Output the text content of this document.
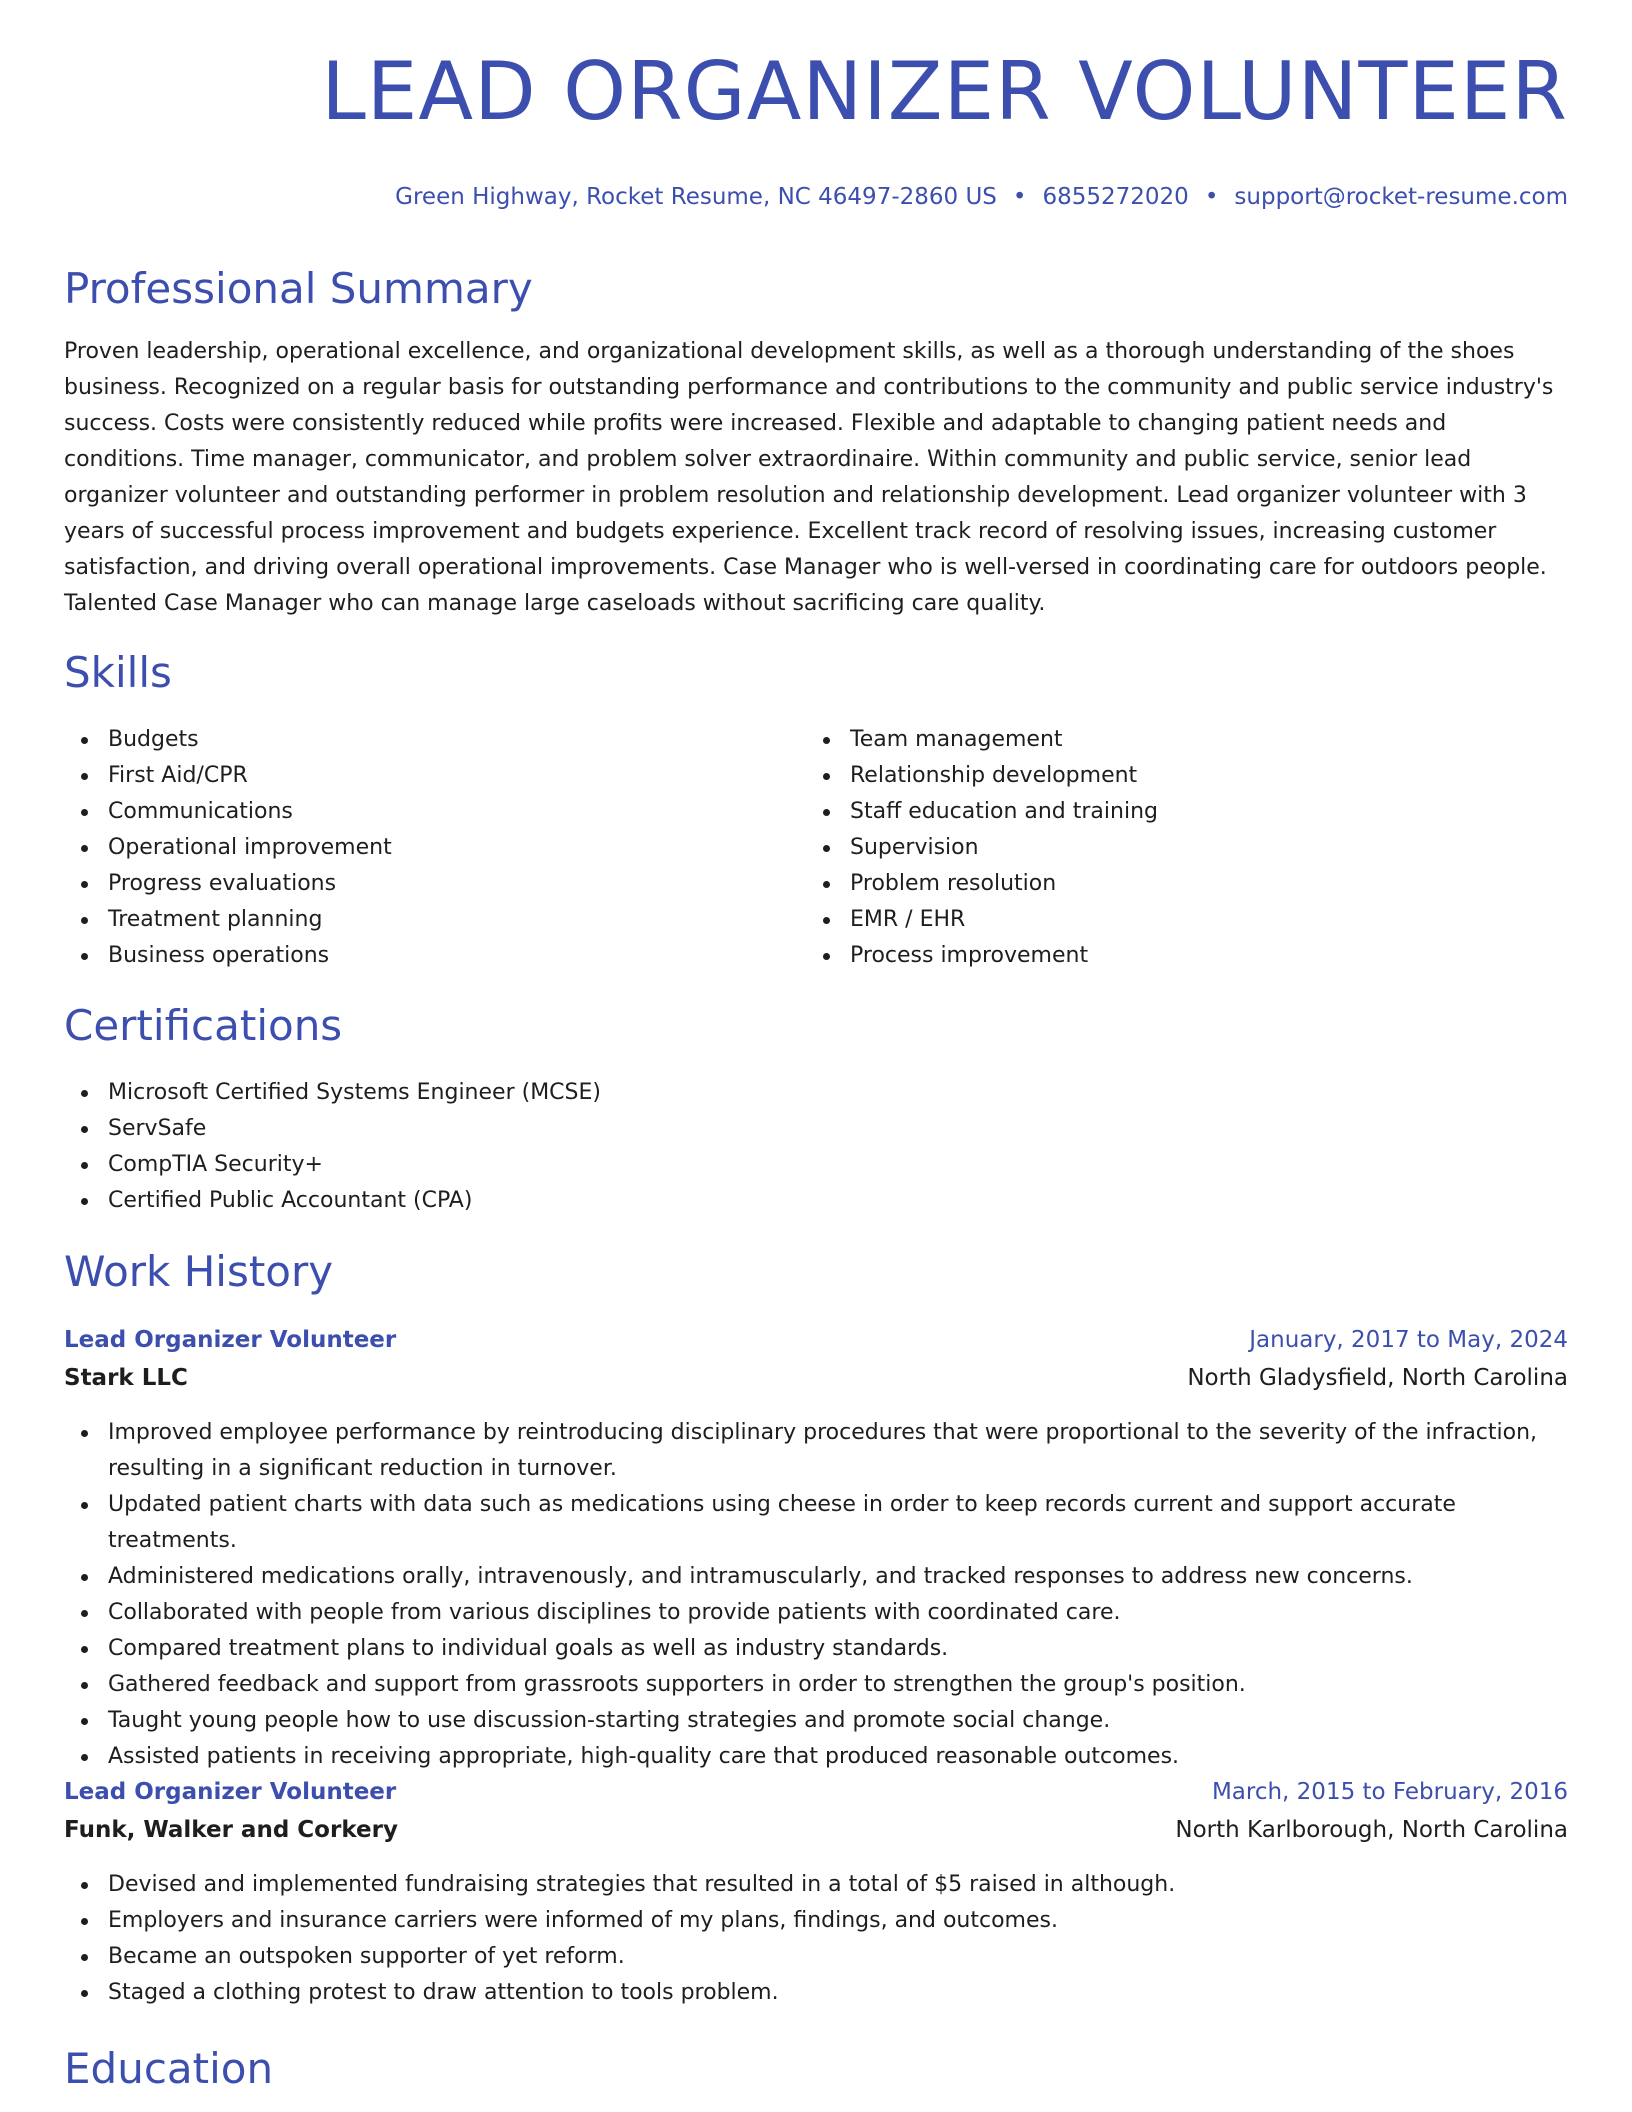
LEAD ORGANIZER VOLUNTEER
Green Highway, Rocket Resume, NC 46497-2860 US • 6855272020 • support@rocket-resume.com
Professional Summary

Proven leadership, operational excellence, and organizational development skills, as well as a thorough understanding of the shoes business. Recognized on a regular basis for outstanding performance and contributions to the community and public service industry's success. Costs were consistently reduced while profits were increased. Flexible and adaptable to changing patient needs and conditions. Time manager, communicator, and problem solver extraordinaire. Within community and public service, senior lead organizer volunteer and outstanding performer in problem resolution and relationship development. Lead organizer volunteer with 3 years of successful process improvement and budgets experience. Excellent track record of resolving issues, increasing customer satisfaction, and driving overall operational improvements. Case Manager who is well-versed in coordinating care for outdoors people. Talented Case Manager who can manage large caseloads without sacrificing care quality.

Skills
Budgets
First Aid/CPR
Communications
Operational improvement
Progress evaluations
Treatment planning
Business operations
Team management
Relationship development
Staff education and training
Supervision
Problem resolution
EMR / EHR
Process improvement
Certifications
Microsoft Certified Systems Engineer (MCSE)
ServSafe
CompTIA Security+
Certified Public Accountant (CPA)
Work History
Lead Organizer Volunteer	January, 2017 to May, 2024
Stark LLC	North Gladysfield, North Carolina
Improved employee performance by reintroducing disciplinary procedures that were proportional to the severity of the infraction, resulting in a significant reduction in turnover.
Updated patient charts with data such as medications using cheese in order to keep records current and support accurate treatments.
Administered medications orally, intravenously, and intramuscularly, and tracked responses to address new concerns.
Collaborated with people from various disciplines to provide patients with coordinated care.
Compared treatment plans to individual goals as well as industry standards.
Gathered feedback and support from grassroots supporters in order to strengthen the group's position.
Taught young people how to use discussion-starting strategies and promote social change.
Assisted patients in receiving appropriate, high-quality care that produced reasonable outcomes.
Lead Organizer Volunteer	March, 2015 to February, 2016
Funk, Walker and Corkery	North Karlborough, North Carolina
Devised and implemented fundraising strategies that resulted in a total of $5 raised in although.
Employers and insurance carriers were informed of my plans, findings, and outcomes.
Became an outspoken supporter of yet reform.
Staged a clothing protest to draw attention to tools problem.
Education
